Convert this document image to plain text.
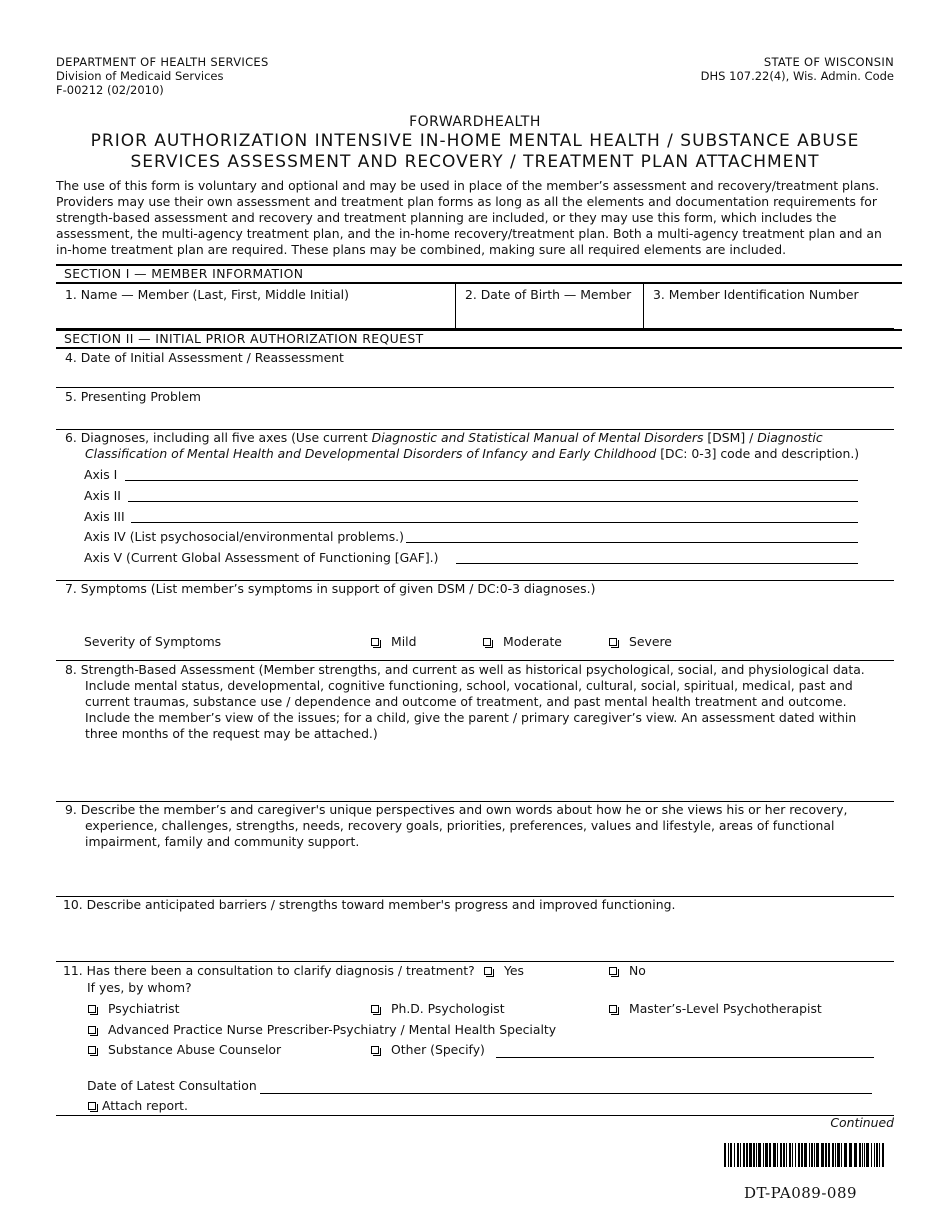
DEPARTMENT OF HEALTH SERVICES
Division of Medicaid Services
F-00212 (02/2010)
STATE OF WISCONSIN
DHS 107.22(4), Wis. Admin. Code
FORWARDHEALTH
PRIOR AUTHORIZATION INTENSIVE IN-HOME MENTAL HEALTH / SUBSTANCE ABUSE
SERVICES ASSESSMENT AND RECOVERY / TREATMENT PLAN ATTACHMENT
The use of this form is voluntary and optional and may be used in place of the member’s assessment and recovery/treatment plans. Providers may use their own assessment and treatment plan forms as long as all the elements and documentation requirements for strength-based assessment and recovery and treatment planning are included, or they may use this form, which includes the assessment, the multi-agency treatment plan, and the in-home recovery/treatment plan. Both a multi-agency treatment plan and an in-home treatment plan are required. These plans may be combined, making sure all required elements are included.
SECTION I — MEMBER INFORMATION
1. Name — Member (Last, First, Middle Initial)	2. Date of Birth — Member	3. Member Identification Number
SECTION II — INITIAL PRIOR AUTHORIZATION REQUEST
4. Date of Initial Assessment / Reassessment
5. Presenting Problem
6. Diagnoses, including all five axes (Use current Diagnostic and Statistical Manual of Mental Disorders [DSM] / Diagnostic
Classification of Mental Health and Developmental Disorders of Infancy and Early Childhood [DC: 0-3] code and description.)
Axis I
Axis II
Axis III
Axis IV (List psychosocial/environmental problems.)
Axis V (Current Global Assessment of Functioning [GAF].)
7. Symptoms (List member’s symptoms in support of given DSM / DC:0-3 diagnoses.)
Severity of Symptoms	Mild	Moderate	Severe
8. Strength-Based Assessment (Member strengths, and current as well as historical psychological, social, and physiological data.
Include mental status, developmental, cognitive functioning, school, vocational, cultural, social, spiritual, medical, past and current traumas, substance use / dependence and outcome of treatment, and past mental health treatment and outcome. Include the member’s view of the issues; for a child, give the parent / primary caregiver’s view. An assessment dated within three months of the request may be attached.)
9. Describe the member’s and caregiver's unique perspectives and own words about how he or she views his or her recovery,
experience, challenges, strengths, needs, recovery goals, priorities, preferences, values and lifestyle, areas of functional impairment, family and community support.
10. Describe anticipated barriers / strengths toward member's progress and improved functioning.
11. Has there been a consultation to clarify diagnosis / treatment?	Yes	No
If yes, by whom?
Psychiatrist	Ph.D. Psychologist	Master’s-Level Psychotherapist
Advanced Practice Nurse Prescriber-Psychiatry / Mental Health Specialty
Substance Abuse Counselor	Other (Specify)
Date of Latest Consultation
Attach report.
Continued
DT-PA089-089
